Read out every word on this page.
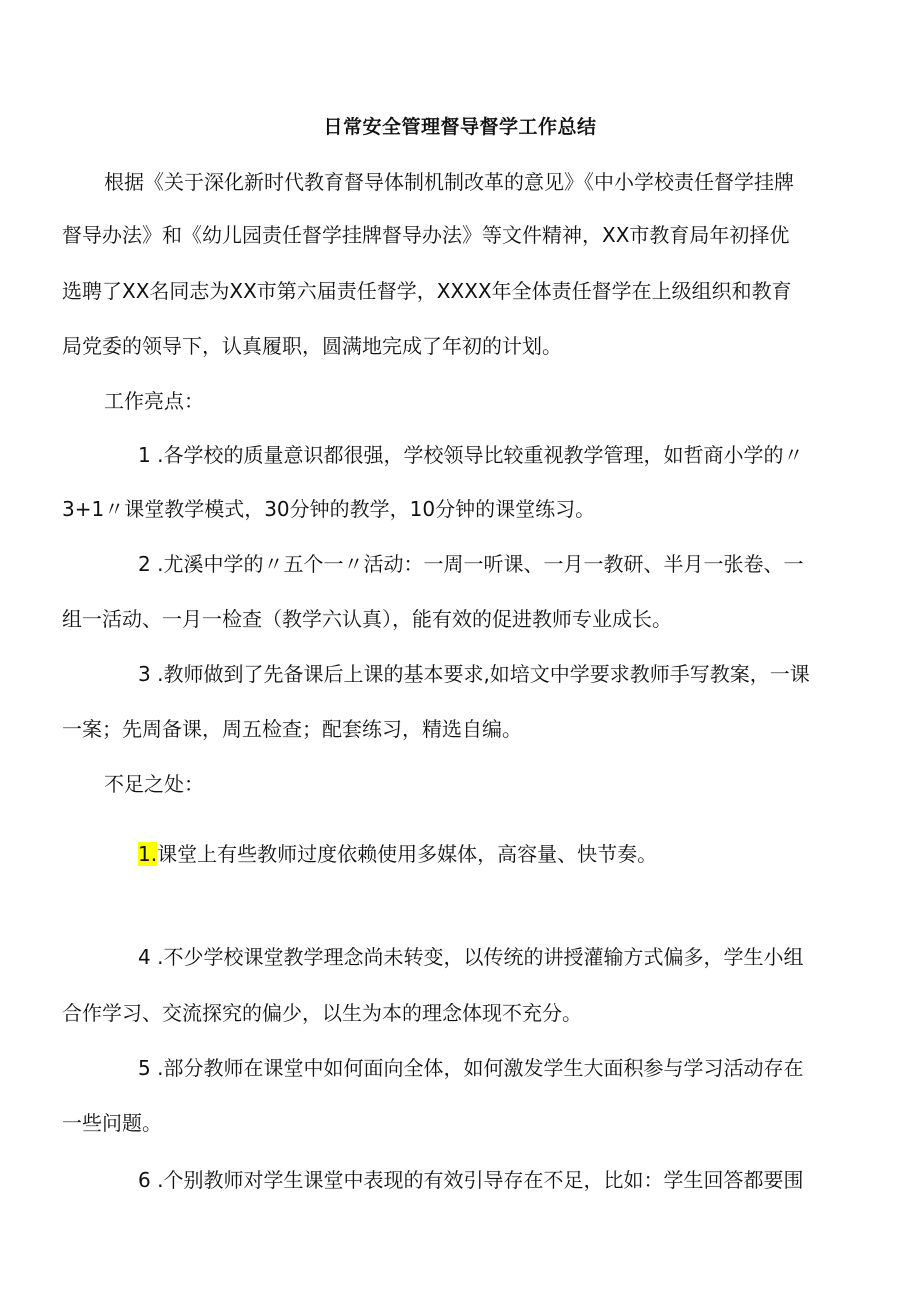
日常安全管理督导督学工作总结
根据《关于深化新时代教育督导体制机制改革的意见》《中小学校责任督学挂牌
督导办法》和《幼儿园责任督学挂牌督导办法》等文件精神，XX市教育局年初择优
选聘了XX名同志为XX市第六届责任督学，XXXX年全体责任督学在上级组织和教育
局党委的领导下，认真履职，圆满地完成了年初的计划。
工作亮点：
1 .各学校的质量意识都很强，学校领导比较重视教学管理，如哲商小学的〃
3+1〃课堂教学模式，30分钟的教学，10分钟的课堂练习。
2 .尤溪中学的〃五个一〃活动：一周一听课、一月一教研、半月一张卷、一
组一活动、一月一检查（教学六认真），能有效的促进教师专业成长。
3 .教师做到了先备课后上课的基本要求,如培文中学要求教师手写教案，一课
一案；先周备课，周五检查；配套练习，精选自编。
不足之处：
1.课堂上有些教师过度依赖使用多媒体，高容量、快节奏。
4 .不少学校课堂教学理念尚未转变，以传统的讲授灌输方式偏多，学生小组
合作学习、交流探究的偏少，以生为本的理念体现不充分。
5 .部分教师在课堂中如何面向全体，如何激发学生大面积参与学习活动存在
一些问题。
6 .个别教师对学生课堂中表现的有效引导存在不足，比如：学生回答都要围
